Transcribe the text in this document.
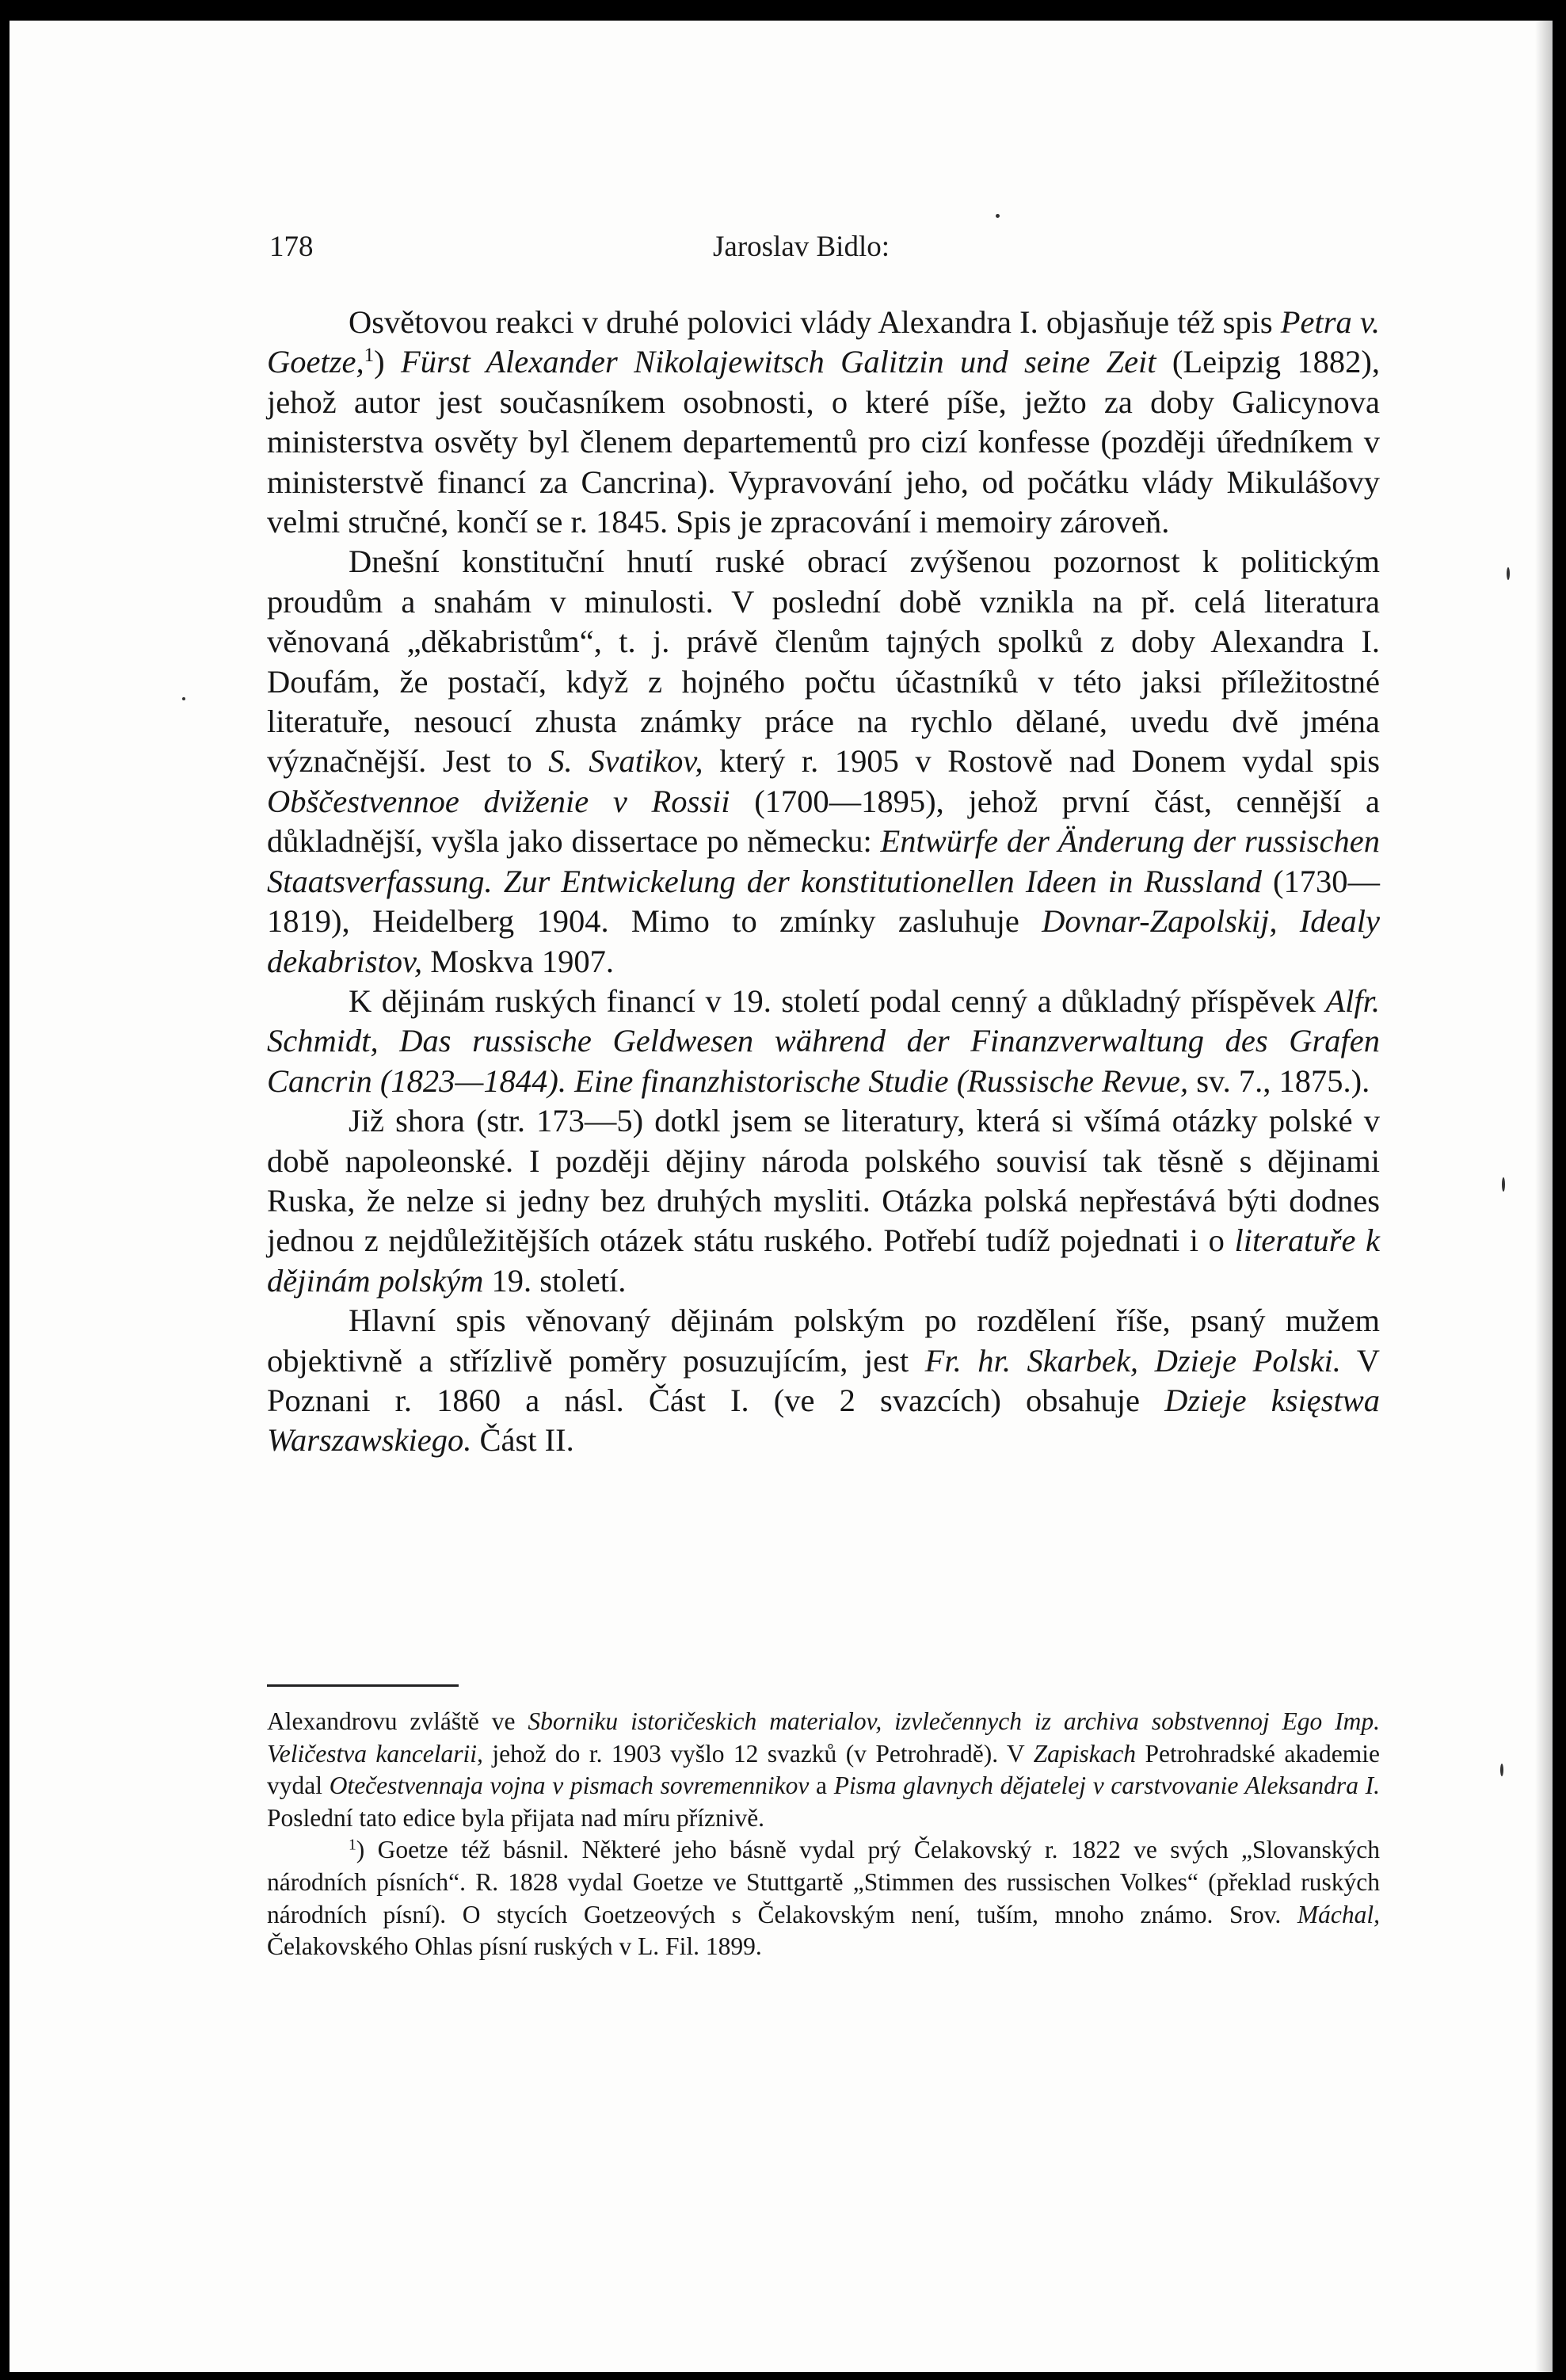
178	Jaroslav Bidlo:

Osvětovou reakci v druhé polovici vlády Alexandra I. objasňuje též spis Petra v. Goetze,$^1$) Fürst Alexander Nikolajewitsch Galitzin und seine Zeit (Leipzig 1882), jehož autor jest současníkem osobnosti, o které píše, ježto za doby Galicynova ministerstva osvěty byl členem departementů pro cizí konfesse (později úředníkem v ministerstvě financí za Cancrina). Vypravování jeho, od počátku vlády Mikulášovy velmi stručné, končí se r. 1845. Spis je zpracování i memoiry zároveň.

Dnešní konstituční hnutí ruské obrací zvýšenou pozornost k politickým proudům a snahám v minulosti. V poslední době vznikla na př. celá literatura věnovaná „děkabristům“, t. j. právě členům tajných spolků z doby Alexandra I. Doufám, že postačí, když z hojného počtu účastníků v této jaksi příležitostné literatuře, nesoucí zhusta známky práce na rychlo dělané, uvedu dvě jména význačnější. Jest to S. Svatikov, který r. 1905 v Rostově nad Donem vydal spis Obščestvennoe dviženie v Rossii (1700—1895), jehož první část, cennější a důkladnější, vyšla jako dissertace po německu: Entwürfe der Änderung der russischen Staatsverfassung. Zur Entwickelung der konstitutionellen Ideen in Russland (1730—1819), Heidelberg 1904. Mimo to zmínky zasluhuje Dovnar-Zapolskij, Idealy dekabristov, Moskva 1907.

K dějinám ruských financí v 19. století podal cenný a důkladný příspěvek Alfr. Schmidt, Das russische Geldwesen während der Finanzverwaltung des Grafen Cancrin (1823—1844). Eine finanzhistorische Studie (Russische Revue, sv. 7., 1875.).

Již shora (str. 173—5) dotkl jsem se literatury, která si všímá otázky polské v době napoleonské. I později dějiny národa polského souvisí tak těsně s dějinami Ruska, že nelze si jedny bez druhých mysliti. Otázka polská nepřestává býti dodnes jednou z nejdůležitějších otázek státu ruského. Potřebí tudíž pojednati i o literatuře k dějinám polským 19. století.

Hlavní spis věnovaný dějinám polským po rozdělení říše, psaný mužem objektivně a střízlivě poměry posuzujícím, jest Fr. hr. Skarbek, Dzieje Polski. V Poznani r. 1860 a násl. Část I. (ve 2 svazcích) obsahuje Dzieje księstwa Warszawskiego. Část II.

Alexandrovu zvláště ve Sborniku istoričeskich materialov, izvlečennych iz archiva sobstvennoj Ego Imp. Veličestva kancelarii, jehož do r. 1903 vyšlo 12 svazků (v Petrohradě). V Zapiskach Petrohradské akademie vydal Otečestvennaja vojna v pismach sovremennikov a Pisma glavnych dějatelej v carstvovanie Aleksandra I. Poslední tato edice byla přijata nad míru příznivě.

$^1$) Goetze též básnil. Některé jeho básně vydal prý Čelakovský r. 1822 ve svých „Slovanských národních písních“. R. 1828 vydal Goetze ve Stuttgartě „Stimmen des russischen Volkes“ (překlad ruských národních písní). O stycích Goetzeových s Čelakovským není, tuším, mnoho známo. Srov. Máchal, Čelakovského Ohlas písní ruských v L. Fil. 1899.
